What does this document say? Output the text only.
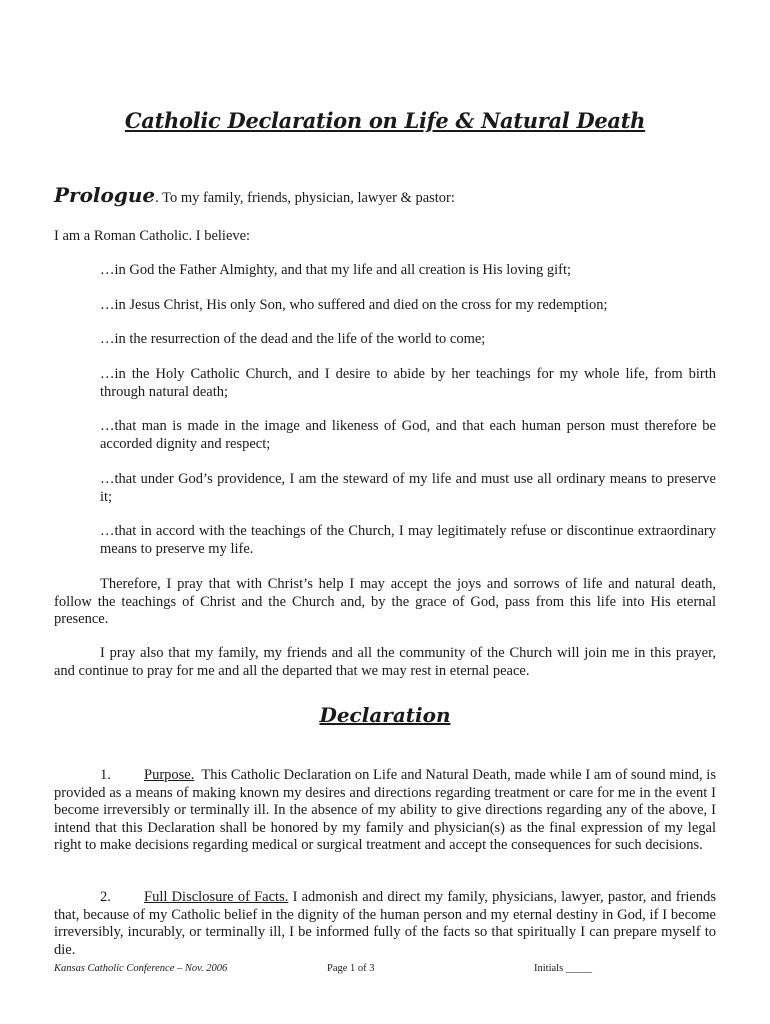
Catholic Declaration on Life & Natural Death
Prologue. To my family, friends, physician, lawyer & pastor:

I am a Roman Catholic. I believe:

…in God the Father Almighty, and that my life and all creation is His loving gift;

…in Jesus Christ, His only Son, who suffered and died on the cross for my redemption;

…in the resurrection of the dead and the life of the world to come;

…in the Holy Catholic Church, and I desire to abide by her teachings for my whole life, from birth through natural death;

…that man is made in the image and likeness of God, and that each human person must therefore be accorded dignity and respect;

…that under God’s providence, I am the steward of my life and must use all ordinary means to preserve it;

…that in accord with the teachings of the Church, I may legitimately refuse or discontinue extraordinary means to preserve my life.

Therefore, I pray that with Christ’s help I may accept the joys and sorrows of life and natural death, follow the teachings of Christ and the Church and, by the grace of God, pass from this life into His eternal presence.

I pray also that my family, my friends and all the community of the Church will join me in this prayer, and continue to pray for me and all the departed that we may rest in eternal peace.

Declaration

1. Purpose. This Catholic Declaration on Life and Natural Death, made while I am of sound mind, is provided as a means of making known my desires and directions regarding treatment or care for me in the event I become irreversibly or terminally ill. In the absence of my ability to give directions regarding any of the above, I intend that this Declaration shall be honored by my family and physician(s) as the final expression of my legal right to make decisions regarding medical or surgical treatment and accept the consequences for such decisions.

2. Full Disclosure of Facts. I admonish and direct my family, physicians, lawyer, pastor, and friends that, because of my Catholic belief in the dignity of the human person and my eternal destiny in God, if I become irreversibly, incurably, or terminally ill, I be informed fully of the facts so that spiritually I can prepare myself to die.

Kansas Catholic Conference – Nov. 2006	Page 1 of 3	Initials _____
